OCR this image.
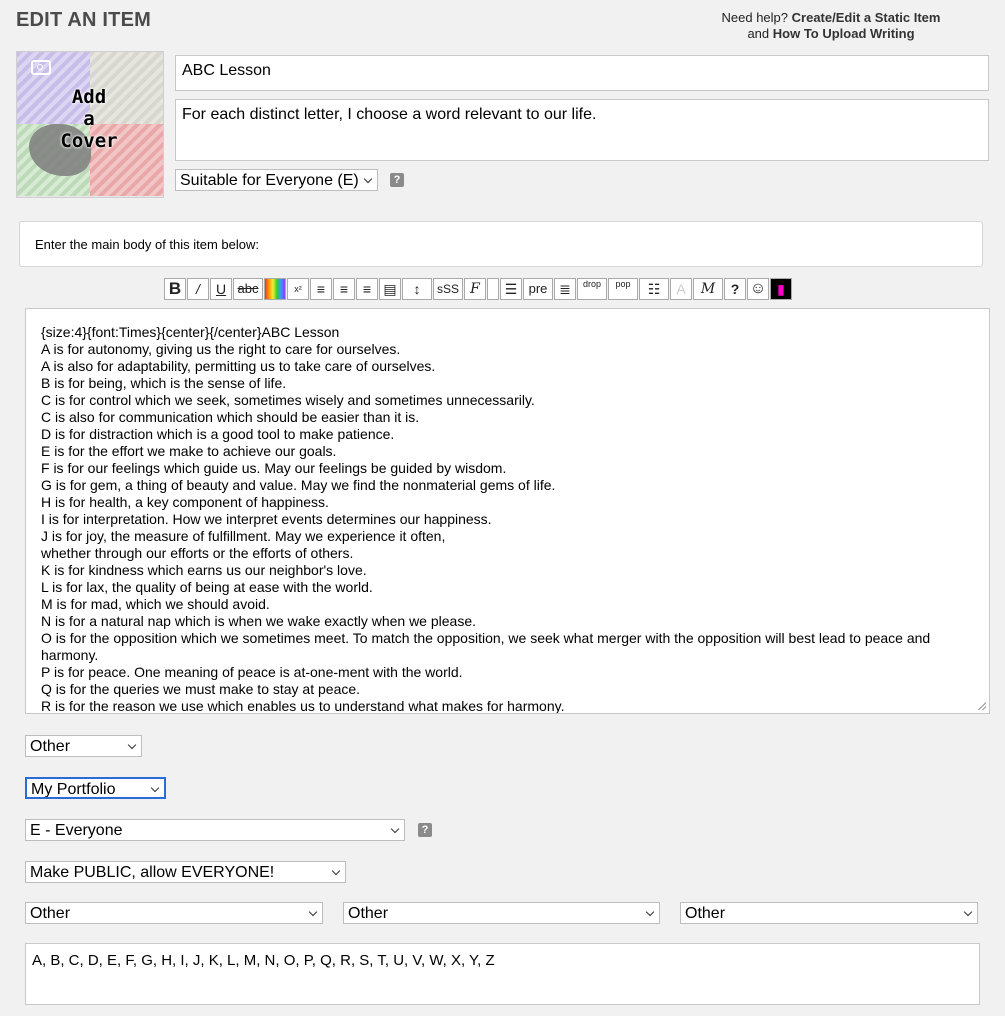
EDIT AN ITEM	Need help? Create/Edit a Static Item
and How To Upload Writing
Add
a
Cover
ABC Lesson
For each distinct letter, I choose a word relevant to our life.
Suitable for Everyone (E)	?
Enter the main body of this item below:
B	/	U abc	x²	≡	≡	≡ ▤	↕	sSS F	☰ pre ≣	drop	pop	☷	A	M	? ☺ ▮
{size:4}{font:Times}{center}{/center}ABC Lesson
A is for autonomy, giving us the right to care for ourselves.
A is also for adaptability, permitting us to take care of ourselves.
B is for being, which is the sense of life.
C is for control which we seek, sometimes wisely and sometimes unnecessarily.
C is also for communication which should be easier than it is.
D is for distraction which is a good tool to make patience.
E is for the effort we make to achieve our goals.
F is for our feelings which guide us. May our feelings be guided by wisdom.
G is for gem, a thing of beauty and value. May we find the nonmaterial gems of life.
H is for health, a key component of happiness.
I is for interpretation. How we interpret events determines our happiness.
J is for joy, the measure of fulfillment. May we experience it often,
whether through our efforts or the efforts of others.
K is for kindness which earns us our neighbor's love.
L is for lax, the quality of being at ease with the world.
M is for mad, which we should avoid.
N is for a natural nap which is when we wake exactly when we please.
O is for the opposition which we sometimes meet. To match the opposition, we seek what merger with the opposition will best lead to peace and harmony.
P is for peace. One meaning of peace is at-one-ment with the world.
Q is for the queries we must make to stay at peace.
R is for the reason we use which enables us to understand what makes for harmony.
Other
My Portfolio
E - Everyone	?
Make PUBLIC, allow EVERYONE!
Other	Other	Other
A, B, C, D, E, F, G, H, I, J, K, L, M, N, O, P, Q, R, S, T, U, V, W, X, Y, Z
